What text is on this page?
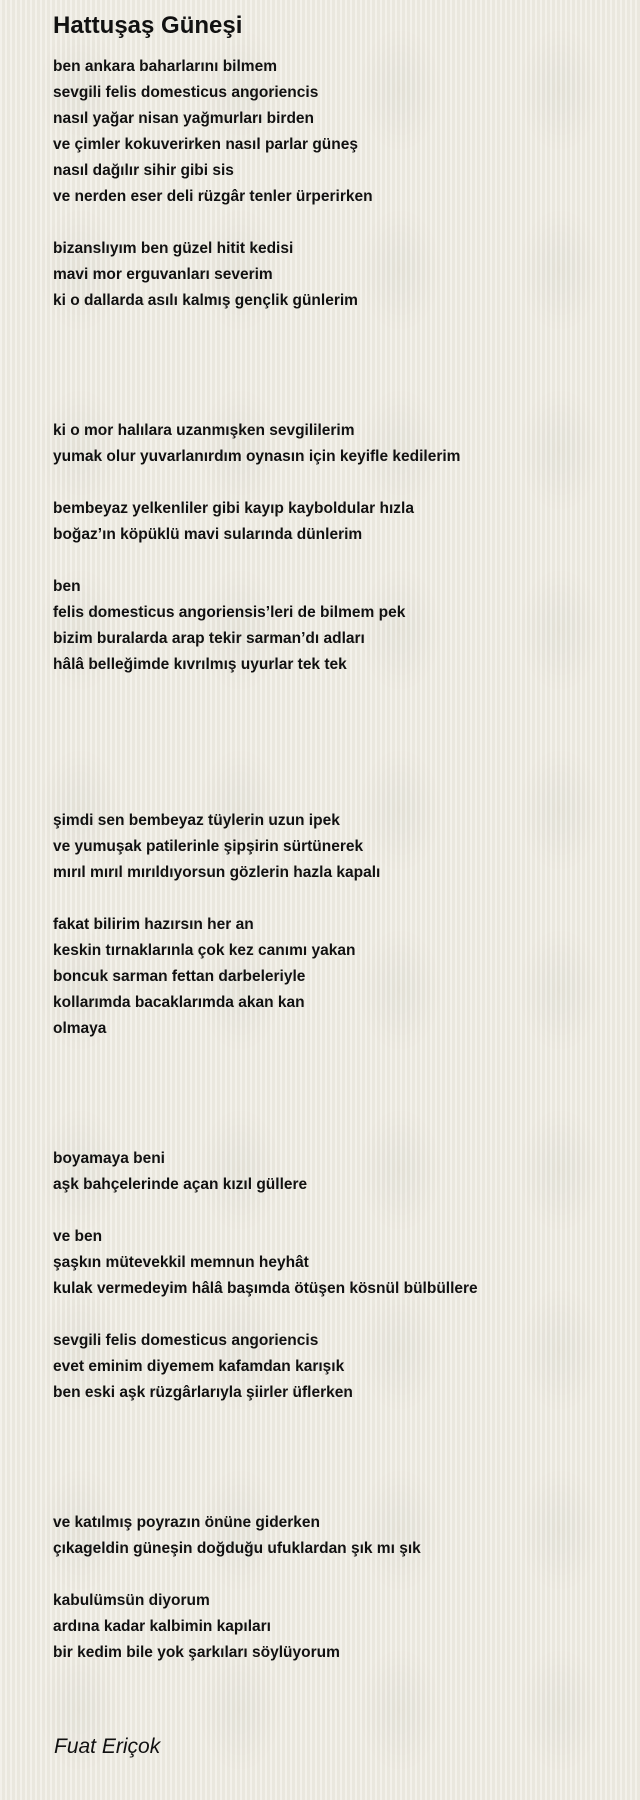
Hattuşaş Güneşi
ben ankara baharlarını bilmem
sevgili felis domesticus angoriencis
nasıl yağar nisan yağmurları birden
ve çimler kokuverirken nasıl parlar güneş
nasıl dağılır sihir gibi sis
ve nerden eser deli rüzgâr tenler ürperirken
bizanslıyım ben güzel hitit kedisi
mavi mor erguvanları severim
ki o dallarda asılı kalmış gençlik günlerim
ki o mor halılara uzanmışken sevgililerim
yumak olur yuvarlanırdım oynasın için keyifle kedilerim
bembeyaz yelkenliler gibi kayıp kayboldular hızla
boğaz’ın köpüklü mavi sularında dünlerim
ben
felis domesticus angoriensis’leri de bilmem pek
bizim buralarda arap tekir sarman’dı adları
hâlâ belleğimde kıvrılmış uyurlar tek tek
şimdi sen bembeyaz tüylerin uzun ipek
ve yumuşak patilerinle şipşirin sürtünerek
mırıl mırıl mırıldıyorsun gözlerin hazla kapalı
fakat bilirim hazırsın her an
keskin tırnaklarınla çok kez canımı yakan
boncuk sarman fettan darbeleriyle
kollarımda bacaklarımda akan kan
olmaya
boyamaya beni
aşk bahçelerinde açan kızıl güllere
ve ben
şaşkın mütevekkil memnun heyhât
kulak vermedeyim hâlâ başımda ötüşen kösnül bülbüllere
sevgili felis domesticus angoriencis
evet eminim diyemem kafamdan karışık
ben eski aşk rüzgârlarıyla şiirler üflerken
ve katılmış poyrazın önüne giderken
çıkageldin güneşin doğduğu ufuklardan şık mı şık
kabulümsün diyorum
ardına kadar kalbimin kapıları
bir kedim bile yok şarkıları söylüyorum
Fuat Eriçok
